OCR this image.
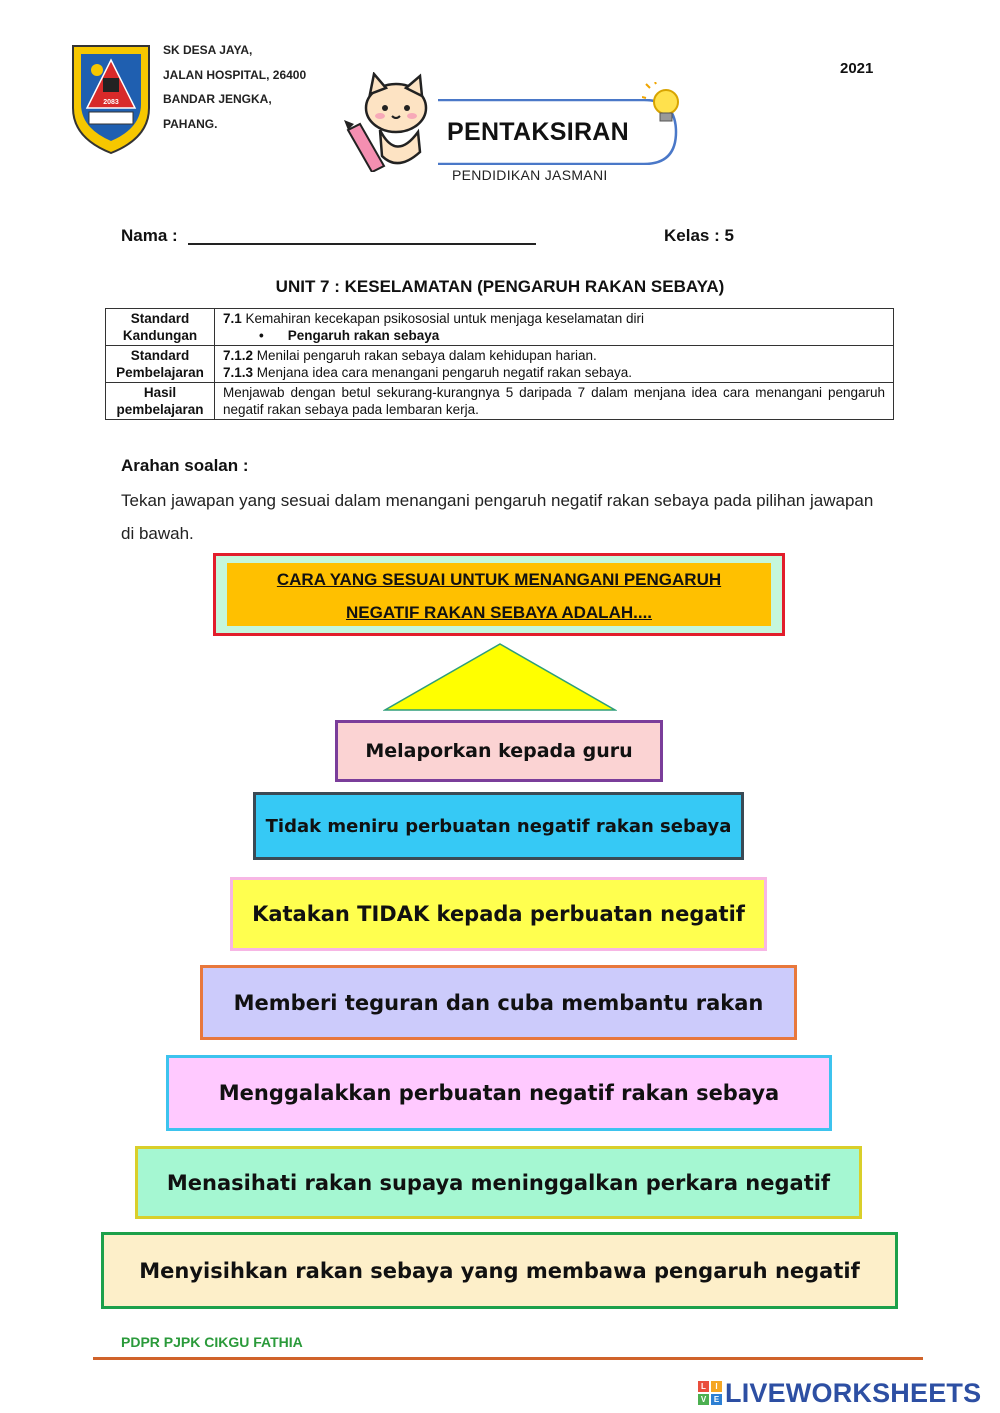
2083
SK DESA JAYA,
JALAN HOSPITAL, 26400
BANDAR JENGKA,
PAHANG.
2021
PENTAKSIRAN
PENDIDIKAN JASMANI
Nama :	Kelas : 5
UNIT 7 : KESELAMATAN (PENGARUH RAKAN SEBAYA)
Standard Kandungan	7.1 Kemahiran kecekapan psikososial untuk menjaga keselamatan diri
• Pengaruh rakan sebaya

Standard Pembelajaran	7.1.2 Menilai pengaruh rakan sebaya dalam kehidupan harian.
7.1.3 Menjana idea cara menangani pengaruh negatif rakan sebaya.

Hasil pembelajaran	Menjawab dengan betul sekurang-kurangnya 5 daripada 7 dalam menjana idea cara menangani pengaruh negatif rakan sebaya pada lembaran kerja.
Arahan soalan :
Tekan jawapan yang sesuai dalam menangani pengaruh negatif rakan sebaya pada pilihan jawapan di bawah.
CARA YANG SESUAI UNTUK MENANGANI PENGARUH
NEGATIF RAKAN SEBAYA ADALAH....
Melaporkan kepada guru
Tidak meniru perbuatan negatif rakan sebaya
Katakan TIDAK kepada perbuatan negatif
Memberi teguran dan cuba membantu rakan
Menggalakkan perbuatan negatif rakan sebaya
Menasihati rakan supaya meninggalkan perkara negatif
Menyisihkan rakan sebaya yang membawa pengaruh negatif
PDPR PJPK CIKGU FATHIA
L	I
V E LIVEWORKSHEETS
